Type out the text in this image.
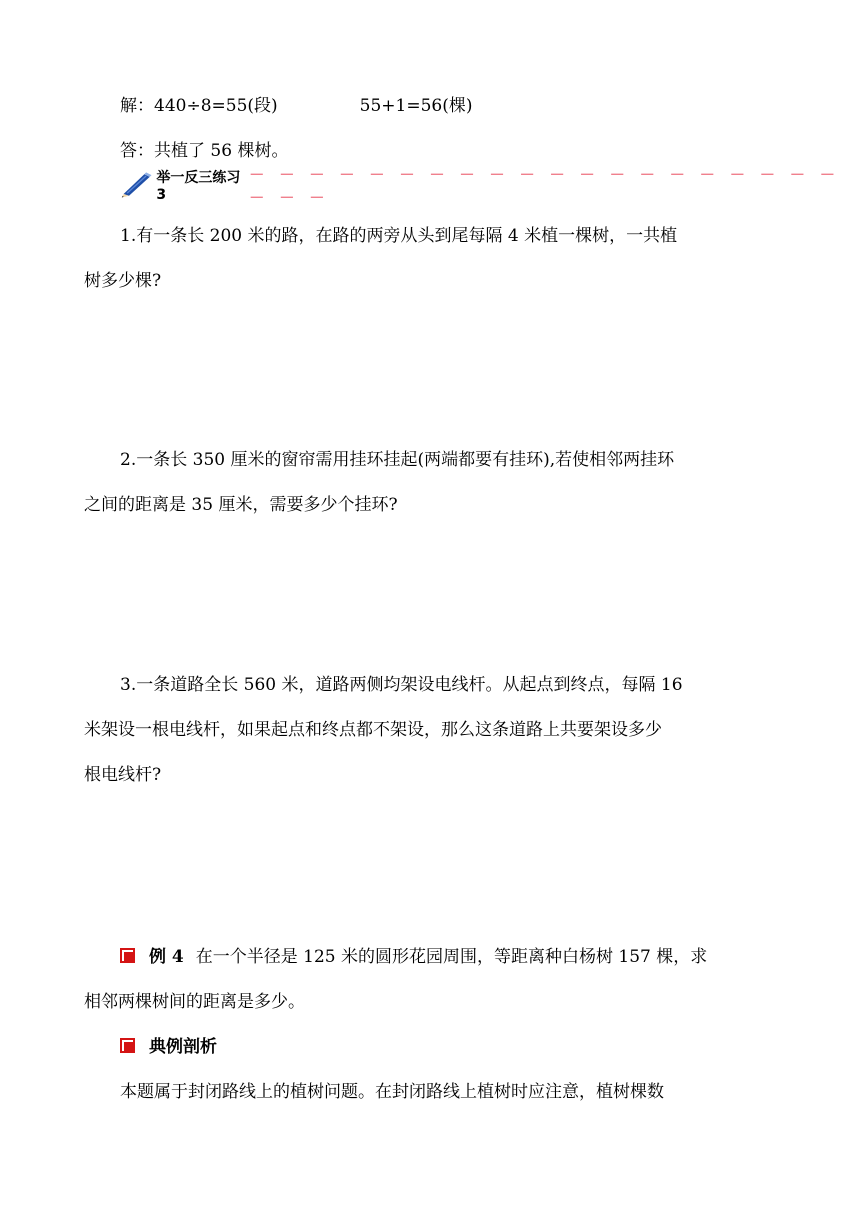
解：440÷8=55(段)	55+1=56(棵)
答：共植了 56 棵树。
举一反三练习3
－ － － － － － － － － － － － － － － － － － － － － － －
1.有一条长 200 米的路，在路的两旁从头到尾每隔 4 米植一棵树，一共植
树多少棵?
2.一条长 350 厘米的窗帘需用挂环挂起(两端都要有挂环),若使相邻两挂环
之间的距离是 35 厘米，需要多少个挂环?
3.一条道路全长 560 米，道路两侧均架设电线杆。从起点到终点，每隔 16
米架设一根电线杆，如果起点和终点都不架设，那么这条道路上共要架设多少
根电线杆?
例 4 在一个半径是 125 米的圆形花园周围，等距离种白杨树 157 棵，求
相邻两棵树间的距离是多少。
典例剖析
本题属于封闭路线上的植树问题。在封闭路线上植树时应注意，植树棵数
